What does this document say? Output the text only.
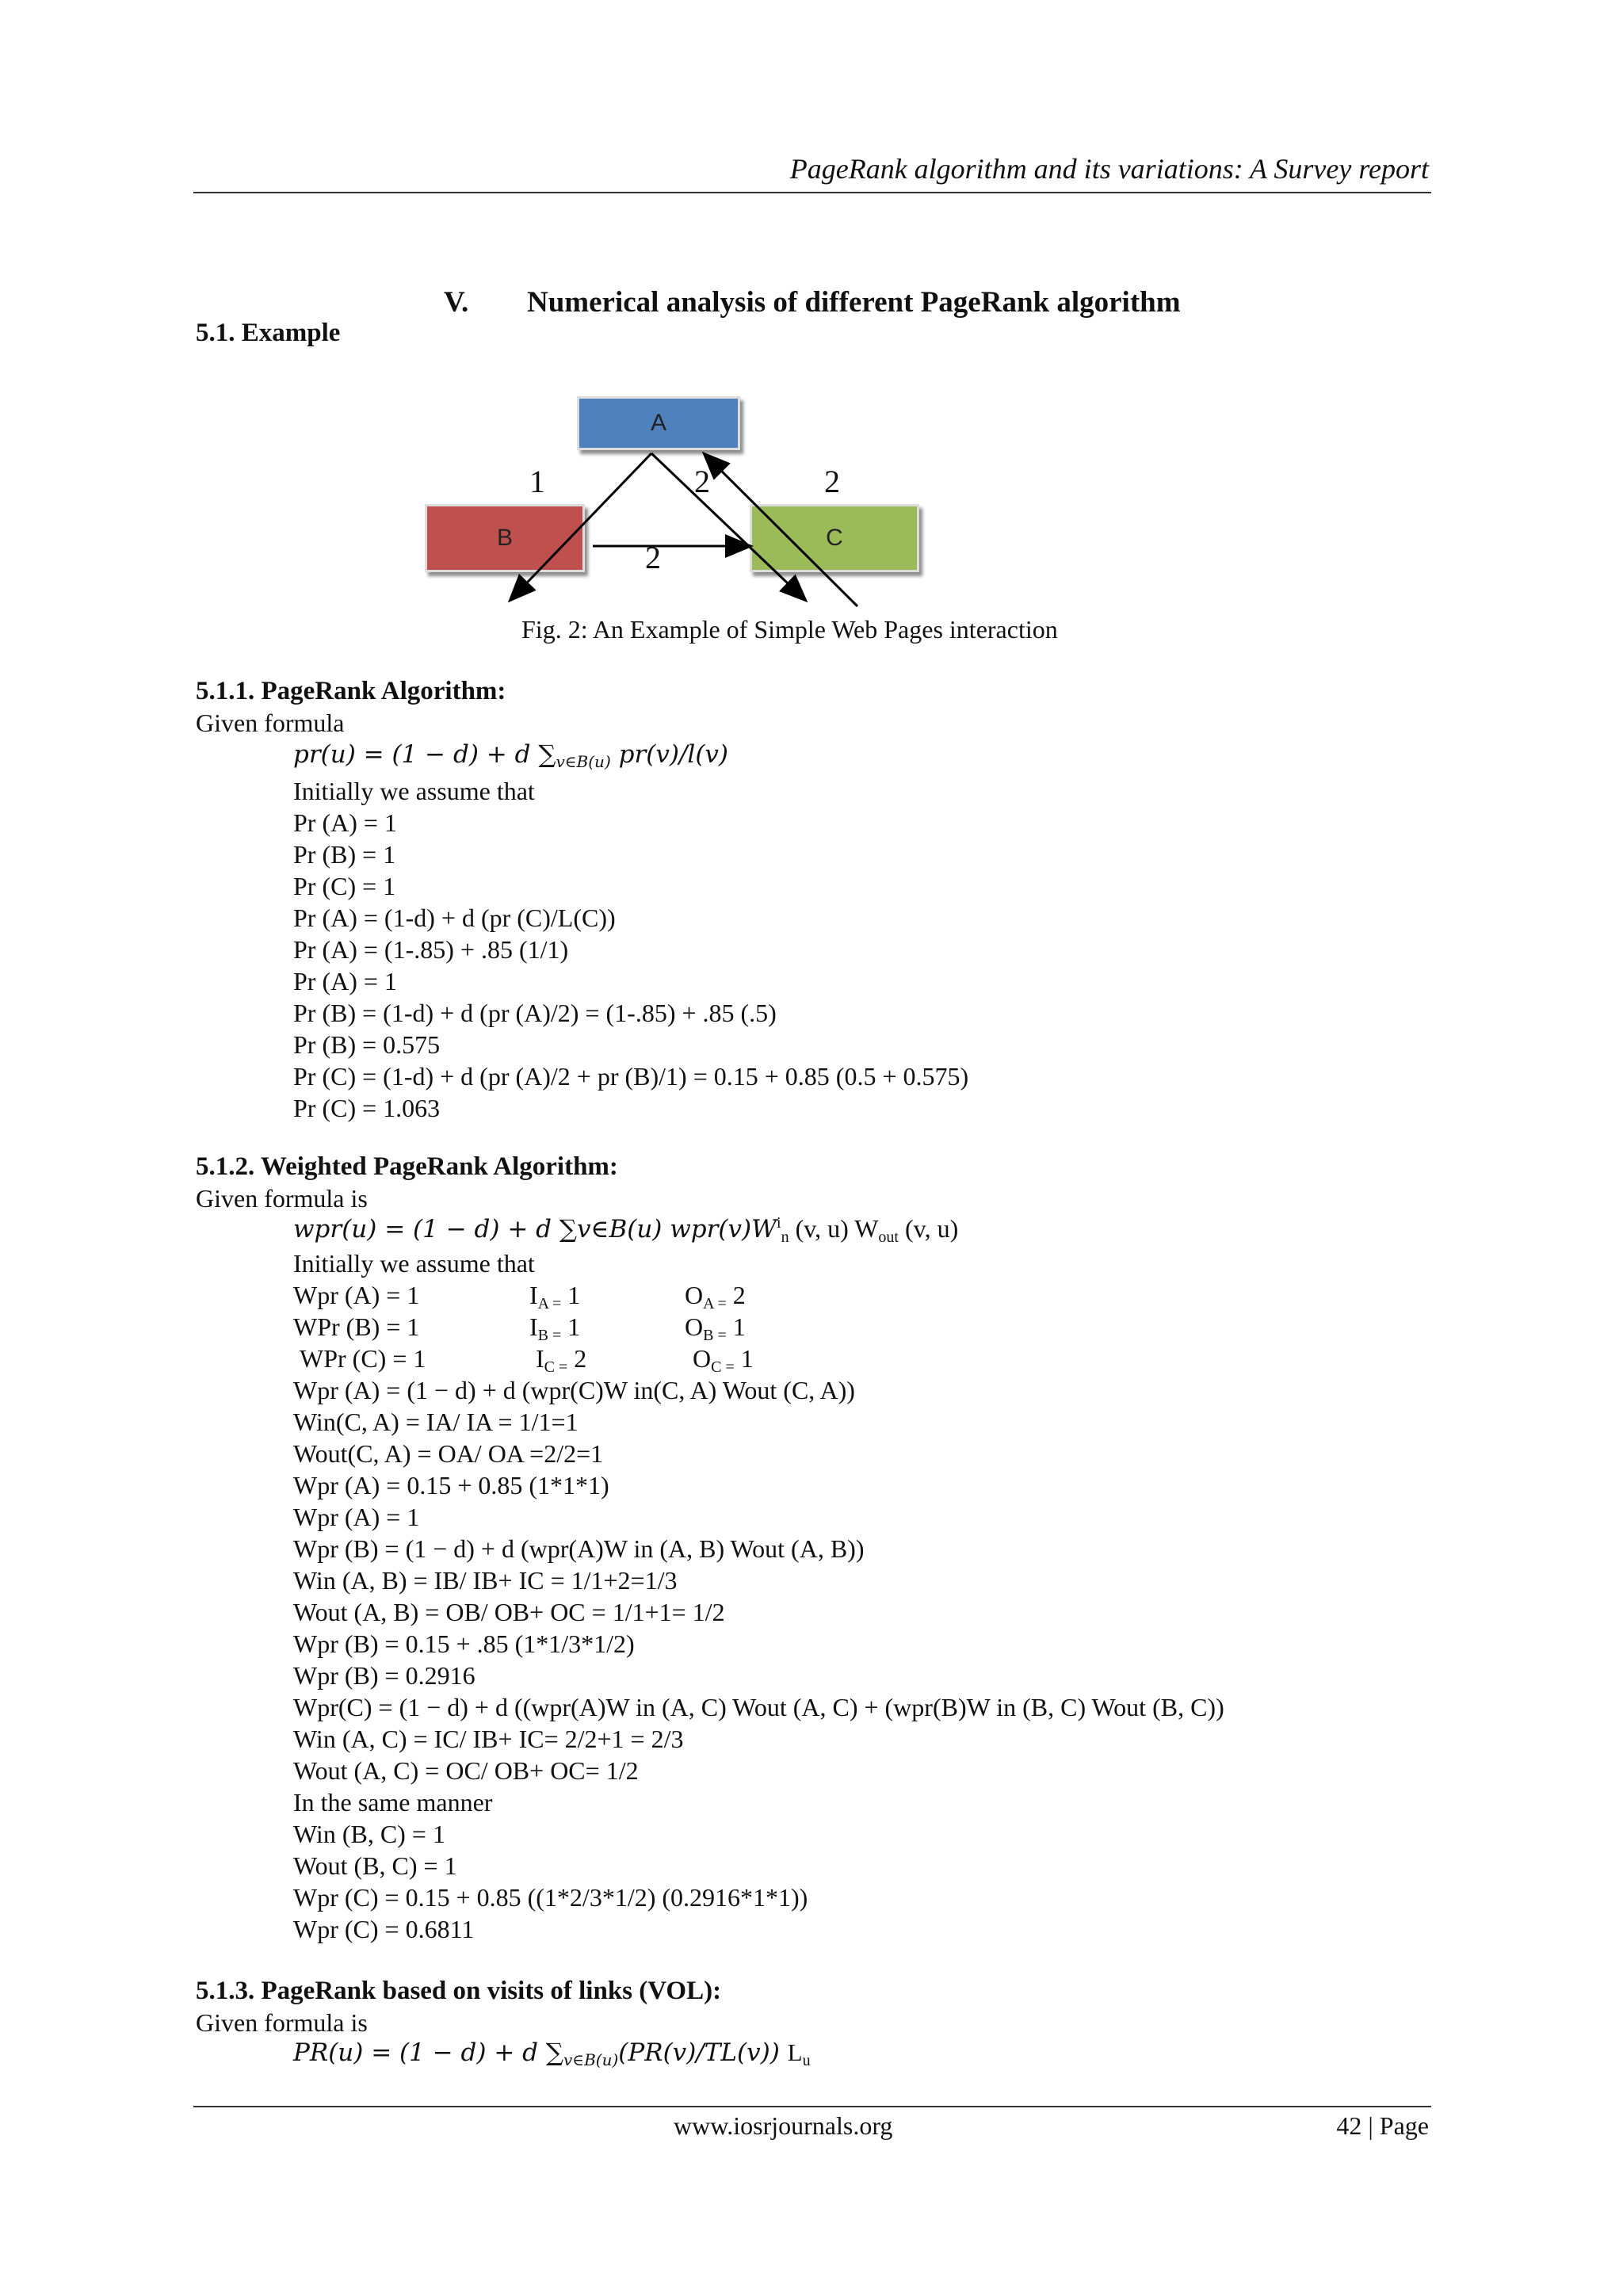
PageRank algorithm and its variations: A Survey report
V. Numerical analysis of different PageRank algorithm
5.1. Example
A
B	C
1	2	2
2
Fig. 2: An Example of Simple Web Pages interaction
5.1.1. PageRank Algorithm:
Given formula
pr(u) = (1 − d) + d $\sum_{v\in B(u)}$ pr(v)/l(v)
Initially we assume that
Pr (A) = 1
Pr (B) = 1
Pr (C) = 1
Pr (A) = (1-d) + d (pr (C)/L(C))
Pr (A) = (1-.85) + .85 (1/1)
Pr (A) = 1
Pr (B) = (1-d) + d (pr (A)/2) = (1-.85) + .85 (.5)
Pr (B) = 0.575
Pr (C) = (1-d) + d (pr (A)/2 + pr (B)/1) = 0.15 + 0.85 (0.5 + 0.575)
Pr (C) = 1.063
5.1.2. Weighted PageRank Algorithm:
Given formula is
wpr(u) = (1 − d) + d ∑v∈B(u) $wpr(v)W^i_n$ (v, u) $W_{out}$ (v, u)
Initially we assume that
Wpr (A) = 1	$I_{A =}$ 1	$O_{A =}$ 2
WPr (B) = 1	$I_{B =}$ 1	$O_{B =}$ 1
WPr (C) = 1	$I_{C =}$ 2	$O_{C =}$ 1
Wpr (A) = (1 − d) + d (wpr(C)W in(C, A) Wout (C, A))
Win(C, A) = IA/ IA = 1/1=1
Wout(C, A) = OA/ OA =2/2=1
Wpr (A) = 0.15 + 0.85 (1*1*1)
Wpr (A) = 1
Wpr (B) = (1 − d) + d (wpr(A)W in (A, B) Wout (A, B))
Win (A, B) = IB/ IB+ IC = 1/1+2=1/3
Wout (A, B) = OB/ OB+ OC = 1/1+1= 1/2
Wpr (B) = 0.15 + .85 (1*1/3*1/2)
Wpr (B) = 0.2916
Wpr(C) = (1 − d) + d ((wpr(A)W in (A, C) Wout (A, C) + (wpr(B)W in (B, C) Wout (B, C))
Win (A, C) = IC/ IB+ IC= 2/2+1 = 2/3
Wout (A, C) = OC/ OB+ OC= 1/2
In the same manner
Win (B, C) = 1
Wout (B, C) = 1
Wpr (C) = 0.15 + 0.85 ((1*2/3*1/2) (0.2916*1*1))
Wpr (C) = 0.6811
5.1.3. PageRank based on visits of links (VOL):
Given formula is
PR(u) = (1 − d) + d $\sum_{v\in B(u)}(PR(v)/TL(v))$ $L_u$
www.iosrjournals.org	42 | Page
